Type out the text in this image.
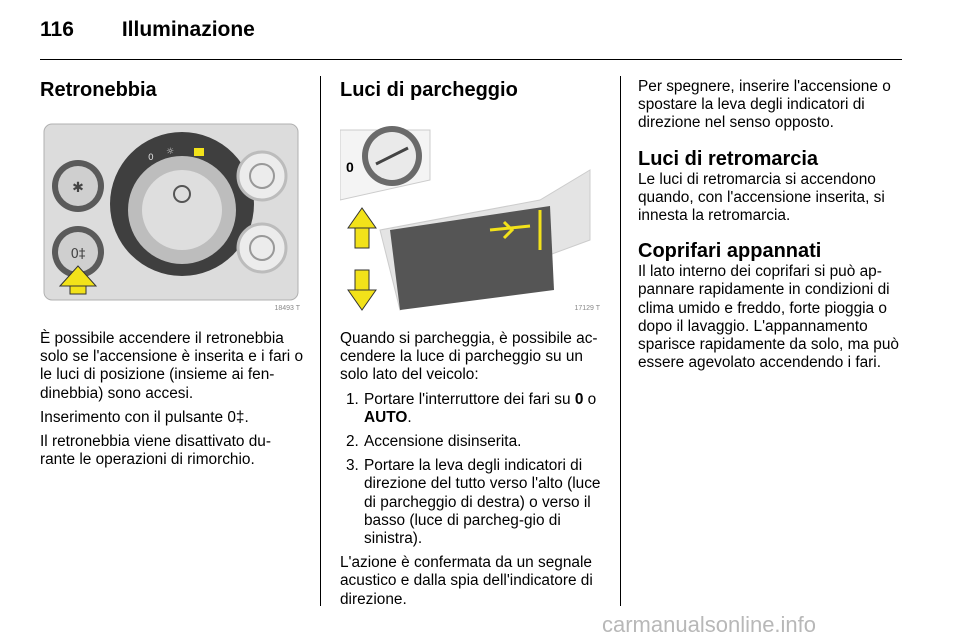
116 Illuminazione
Retronebbia
✱
0‡
0
☼
18493 T

È possibile accendere il retronebbia solo se l'accensione è inserita e i fari o le luci di posizione (insieme ai fen-dinebbia) sono accesi.

Inserimento con il pulsante 0‡.

Il retronebbia viene disattivato du-rante le operazioni di rimorchio.

Luci di parcheggio
0
17129 T

Quando si parcheggia, è possibile ac-cendere la luce di parcheggio su un solo lato del veicolo:

1. Portare l'interruttore dei fari su 0 o AUTO.
2. Accensione disinserita.
3. Portare la leva degli indicatori di direzione del tutto verso l'alto (luce di parcheggio di destra) o verso il basso (luce di parcheg-gio di sinistra).

L'azione è confermata da un segnale acustico e dalla spia dell'indicatore di direzione.

Per spegnere, inserire l'accensione o spostare la leva degli indicatori di direzione nel senso opposto.

Luci di retromarcia

Le luci di retromarcia si accendono quando, con l'accensione inserita, si innesta la retromarcia.

Coprifari appannati

Il lato interno dei coprifari si può ap-pannare rapidamente in condizioni di clima umido e freddo, forte pioggia o dopo il lavaggio. L'appannamento sparisce rapidamente da solo, ma può essere agevolato accendendo i fari.

carmanualsonline.info
